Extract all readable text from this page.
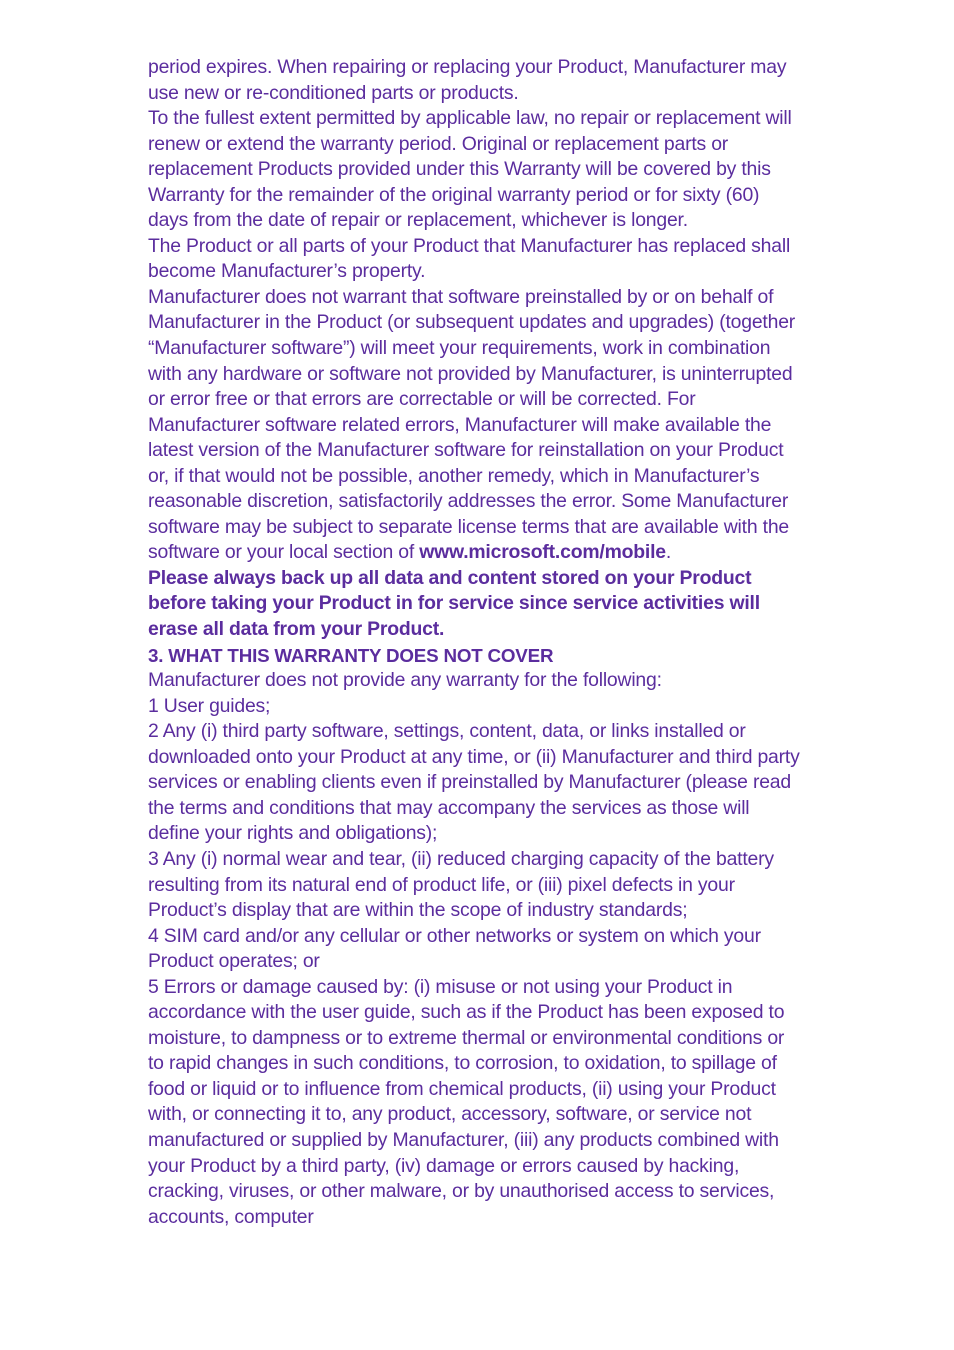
period expires. When repairing or replacing your Product, Manufacturer may use new or re-conditioned parts or products.

To the fullest extent permitted by applicable law, no repair or replacement will renew or extend the warranty period. Original or replacement parts or replacement Products provided under this Warranty will be covered by this Warranty for the remainder of the original warranty period or for sixty (60) days from the date of repair or replacement, whichever is longer.

The Product or all parts of your Product that Manufacturer has replaced shall become Manufacturer’s property.

Manufacturer does not warrant that software preinstalled by or on behalf of Manufacturer in the Product (or subsequent updates and upgrades) (together “Manufacturer software”) will meet your requirements, work in combination with any hardware or software not provided by Manufacturer, is uninterrupted or error free or that errors are correctable or will be corrected. For Manufacturer software related errors, Manufacturer will make available the latest version of the Manufacturer software for reinstallation on your Product or, if that would not be possible, another remedy, which in Manufacturer’s reasonable discretion, satisfactorily addresses the error. Some Manufacturer software may be subject to separate license terms that are available with the software or your local section of www.microsoft.com/mobile.

Please always back up all data and content stored on your Product before taking your Product in for service since service activities will erase all data from your Product.

3. WHAT THIS WARRANTY DOES NOT COVER

Manufacturer does not provide any warranty for the following:

1 User guides;

2 Any (i) third party software, settings, content, data, or links installed or downloaded onto your Product at any time, or (ii) Manufacturer and third party services or enabling clients even if preinstalled by Manufacturer (please read the terms and conditions that may accompany the services as those will define your rights and obligations);

3 Any (i) normal wear and tear, (ii) reduced charging capacity of the battery resulting from its natural end of product life, or (iii) pixel defects in your Product’s display that are within the scope of industry standards;

4 SIM card and/or any cellular or other networks or system on which your Product operates; or

5 Errors or damage caused by: (i) misuse or not using your Product in accordance with the user guide, such as if the Product has been exposed to moisture, to dampness or to extreme thermal or environmental conditions or to rapid changes in such conditions, to corrosion, to oxidation, to spillage of food or liquid or to influence from chemical products, (ii) using your Product with, or connecting it to, any product, accessory, software, or service not manufactured or supplied by Manufacturer, (iii) any products combined with your Product by a third party, (iv) damage or errors caused by hacking, cracking, viruses, or other malware, or by unauthorised access to services, accounts, computer
